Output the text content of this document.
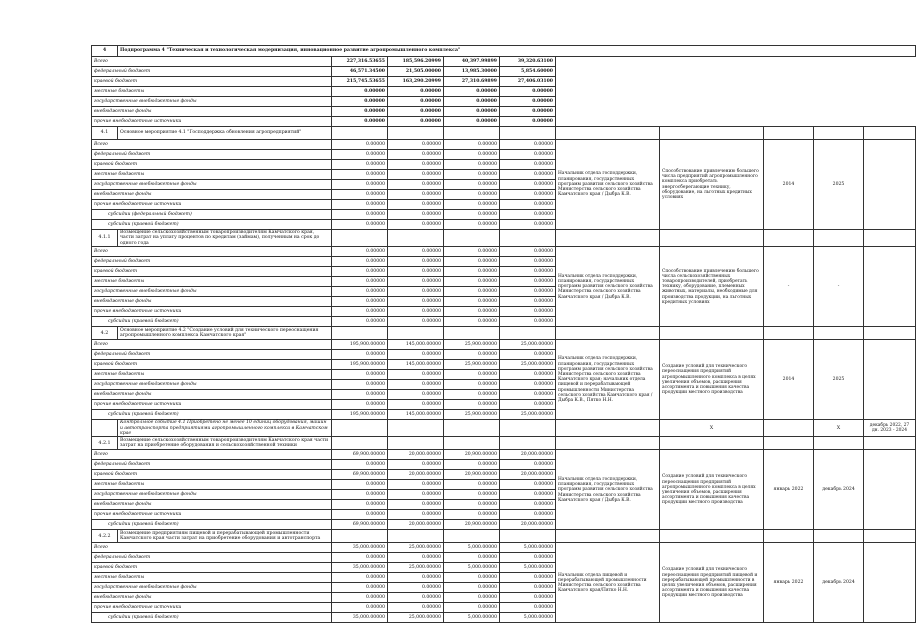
4	Подпрограмма 4 "Техническая и технологическая модернизация, инновационное развитие агропромышленного комплекса"									
Всего		227,316.53655	185,596.20999	40,397.99899	39,320.63100					
федеральный бюджет		46,571.34500	21,505.00000	13,985.30000	5,854.60000					
краевой бюджет		215,745.53655	163,290.20999	27,310.69899	27,406.03100					
местные бюджеты		0.00000	0.00000	0.00000	0.00000					
государственные внебюджетные фонды		0.00000	0.00000	0.00000	0.00000					
внебюджетные фонды		0.00000	0.00000	0.00000	0.00000					
прочие внебюджетные источники		0.00000	0.00000	0.00000	0.00000					
4.1	Основное мероприятие 4.1 "Господдержка обновления агропредприятий"									
Всего		0.00000	0.00000	0.00000	0.00000	Начальник отдела господдержки, планирования, государственных программ развития сельского хозяйства Министерства сельского хозяйства Камчатского края / Дыбра К.В.	Способствование привлечению большего числа предприятий агропромышленного комплекса приобретать энергосберегающие технику, оборудование, на льготных кредитных условиях	2014	2025	
федеральный бюджет		0.00000	0.00000	0.00000	0.00000					
краевой бюджет		0.00000	0.00000	0.00000	0.00000					
местные бюджеты		0.00000	0.00000	0.00000	0.00000					
государственные внебюджетные фонды		0.00000	0.00000	0.00000	0.00000					
внебюджетные фонды		0.00000	0.00000	0.00000	0.00000					
прочие внебюджетные источники		0.00000	0.00000	0.00000	0.00000					
субсидии (федеральный бюджет)		0.00000	0.00000	0.00000	0.00000					
субсидии (краевой бюджет)		0.00000	0.00000	0.00000	0.00000					
4.1.1	Возмещение сельскохозяйственным товаропроизводителям Камчатского края, части затрат на уплату процентов по кредитам (займам), полученным на срок до одного года									
Всего		0.00000	0.00000	0.00000	0.00000	Начальник отдела господдержки, планирования, государственных программ развития сельского хозяйства Министерства сельского хозяйства Камчатского края / Дыбра К.В.	Способствование привлечению большего числа сельскохозяйственных товаропроизводителей, приобретать технику, оборудование, племенных животных, материалы, необходимые для производства продукции, на льготных кредитных условиях	-	-	
федеральный бюджет		0.00000	0.00000	0.00000	0.00000					
краевой бюджет		0.00000	0.00000	0.00000	0.00000					
местные бюджеты		0.00000	0.00000	0.00000	0.00000					
государственные внебюджетные фонды		0.00000	0.00000	0.00000	0.00000					
внебюджетные фонды		0.00000	0.00000	0.00000	0.00000					
прочие внебюджетные источники		0.00000	0.00000	0.00000	0.00000					
субсидии (краевой бюджет)		0.00000	0.00000	0.00000	0.00000					
4.2	Основное мероприятие 4.2 "Создание условий для технического переоснащения агропромышленного комплекса Камчатского края"									
Всего		195,900.00000	145,000.00000	25,900.00000	25,000.00000	Начальник отдела господдержки, планирования, государственных программ развития сельского хозяйства Министерства сельского хозяйства Камчатского края; начальник отдела пищевой и перерабатывающей промышленности Министерства сельского хозяйства Камчатского края / Дыбра К.В., Пятко Н.Н.	Создание условий для технического переоснащения предприятий агропромышленного комплекса в целях увеличения объемов, расширения ассортимента и повышения качества продукции местного производства	2014	2025	
федеральный бюджет		0.00000	0.00000	0.00000	0.00000					
краевой бюджет		195,900.00000	145,000.00000	25,900.00000	25,000.00000					
местные бюджеты		0.00000	0.00000	0.00000	0.00000					
государственные внебюджетные фонды		0.00000	0.00000	0.00000	0.00000					
внебюджетные фонды		0.00000	0.00000	0.00000	0.00000					
прочие внебюджетные источники		0.00000	0.00000	0.00000	0.00000					
субсидии (краевой бюджет)		195,900.00000	145,000.00000	25,900.00000	25,000.00000					
	Контрольное событие 4.1 Приобретено не менее 10 единиц оборудования, машин и автотранспорта предприятиями агропромышленного комплекса в Камчатском крае						X		X	декабрь 2022, 27 дн. 2023 - 2024
4.2.1	Возмещение сельскохозяйственным товаропроизводителям Камчатского края части затрат на приобретение оборудования и сельскохозяйственной техники									
Всего		69,900.00000	20,000.00000	20,900.00000	20,000.00000	Начальник отдела господдержки, планирования, государственных программ развития сельского хозяйства Министерства сельского хозяйства Камчатского края / Дыбра К.В.	Создание условий для технического переоснащения предприятий агропромышленного комплекса в целях увеличения объемов, расширения ассортимента и повышения качества продукции местного производства	январь 2022	декабрь 2024	
федеральный бюджет		0.00000	0.00000	0.00000	0.00000					
краевой бюджет		69,900.00000	20,000.00000	20,900.00000	20,000.00000					
местные бюджеты		0.00000	0.00000	0.00000	0.00000					
государственные внебюджетные фонды		0.00000	0.00000	0.00000	0.00000					
внебюджетные фонды		0.00000	0.00000	0.00000	0.00000					
прочие внебюджетные источники		0.00000	0.00000	0.00000	0.00000					
субсидии (краевой бюджет)		69,900.00000	20,000.00000	20,900.00000	20,000.00000					
4.2.2	Возмещение предприятиям пищевой и перерабатывающей промышленности Камчатского края части затрат на приобретение оборудования и автотранспорта									
Всего		35,000.00000	25,000.00000	5,000.00000	5,000.00000	Начальник отдела пищевой и перерабатывающей промышленности Министерства сельского хозяйства Камчатского края/Пятко Н.Н.	Создание условий для технического переоснащения предприятий пищевой и перерабатывающей промышленности в целях увеличения объемов, расширения ассортимента и повышения качества продукции местного производства	январь 2022	декабрь 2024	
федеральный бюджет		0.00000	0.00000	0.00000	0.00000					
краевой бюджет		35,000.00000	25,000.00000	5,000.00000	5,000.00000					
местные бюджеты		0.00000	0.00000	0.00000	0.00000					
государственные внебюджетные фонды		0.00000	0.00000	0.00000	0.00000					
внебюджетные фонды		0.00000	0.00000	0.00000	0.00000					
прочие внебюджетные источники		0.00000	0.00000	0.00000	0.00000					
субсидии (краевой бюджет)		35,000.00000	25,000.00000	5,000.00000	5,000.00000					
